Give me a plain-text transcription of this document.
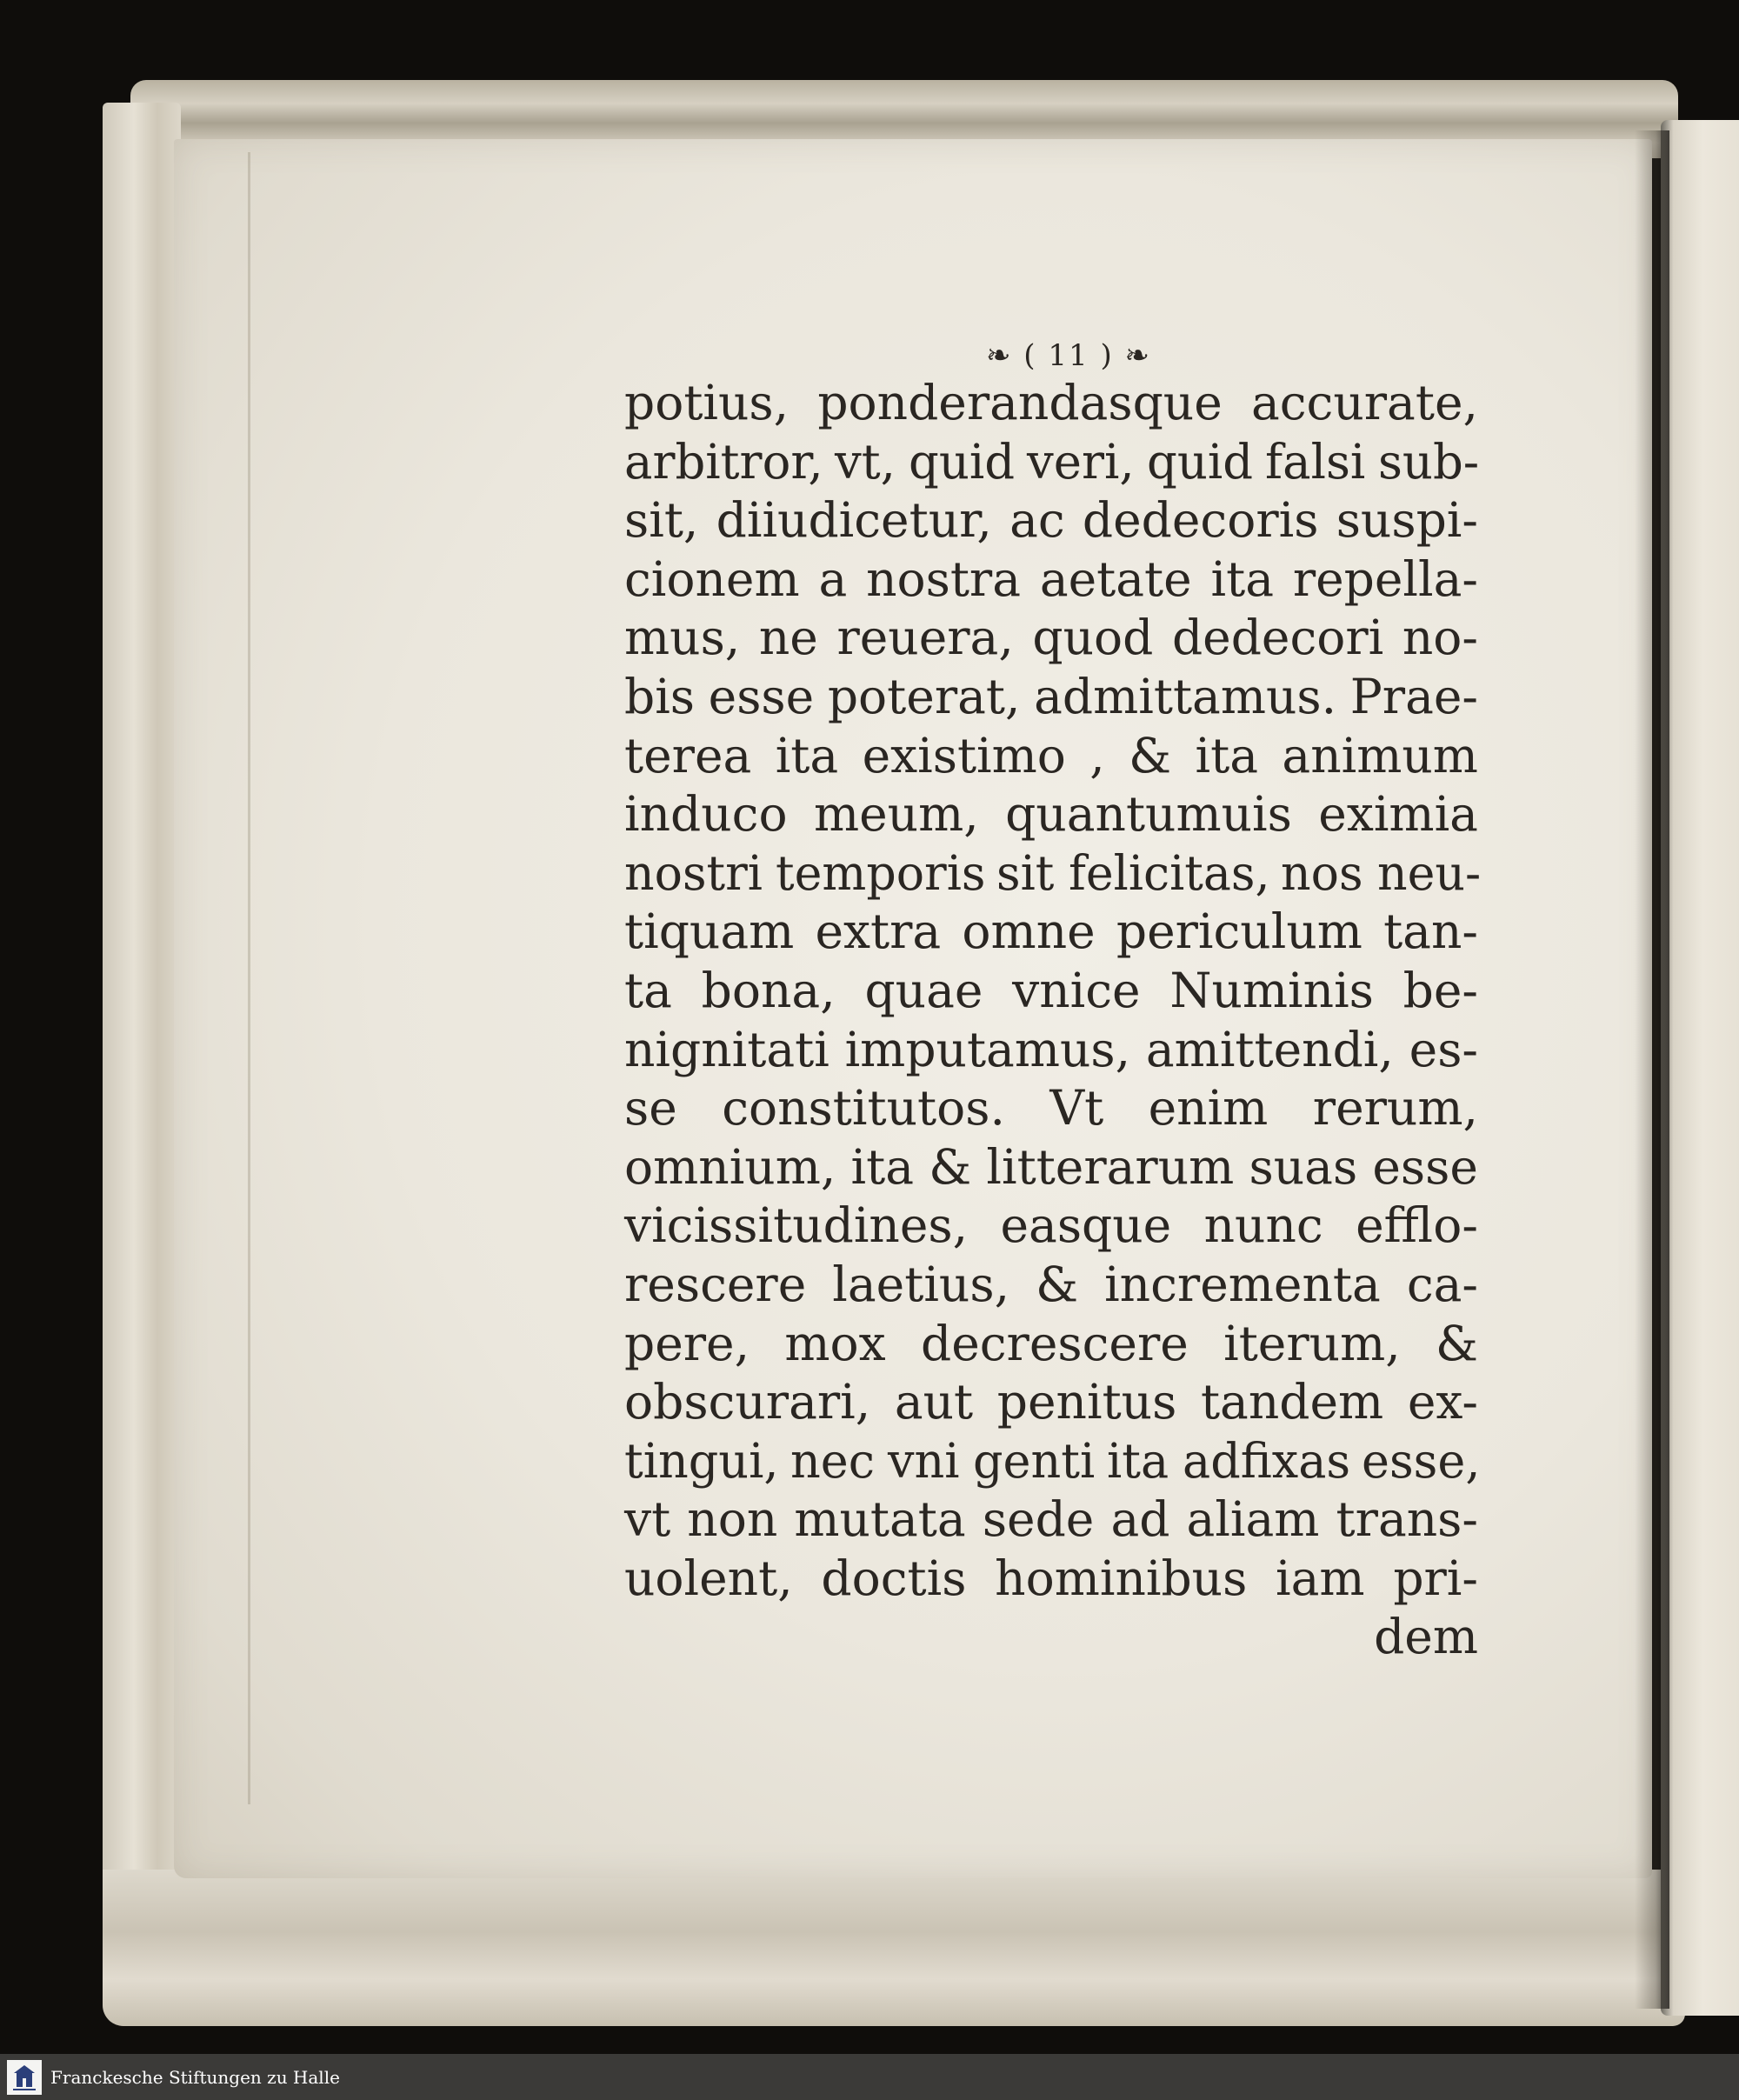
❧ ( 11 ) ❧
potius, ponderandasque accurate,
arbitror, vt, quid veri, quid falsi sub-
sit, diiudicetur, ac dedecoris suspi-
cionem a nostra aetate ita repella-
mus, ne reuera, quod dedecori no-
bis esse poterat, admittamus. Prae-
terea ita existimo , & ita animum
induco meum, quantumuis eximia
nostri temporis sit felicitas, nos neu-
tiquam extra omne periculum tan-
ta bona, quae vnice Numinis be-
nignitati imputamus, amittendi, es-
se constitutos. Vt enim rerum,
omnium, ita & litterarum suas esse
vicissitudines, easque nunc efflo-
rescere laetius, & incrementa ca-
pere, mox decrescere iterum, &
obscurari, aut penitus tandem ex-
tingui, nec vni genti ita adfixas esse,
vt non mutata sede ad aliam trans-
uolent, doctis hominibus iam pri-
dem
Franckesche Stiftungen zu Halle
